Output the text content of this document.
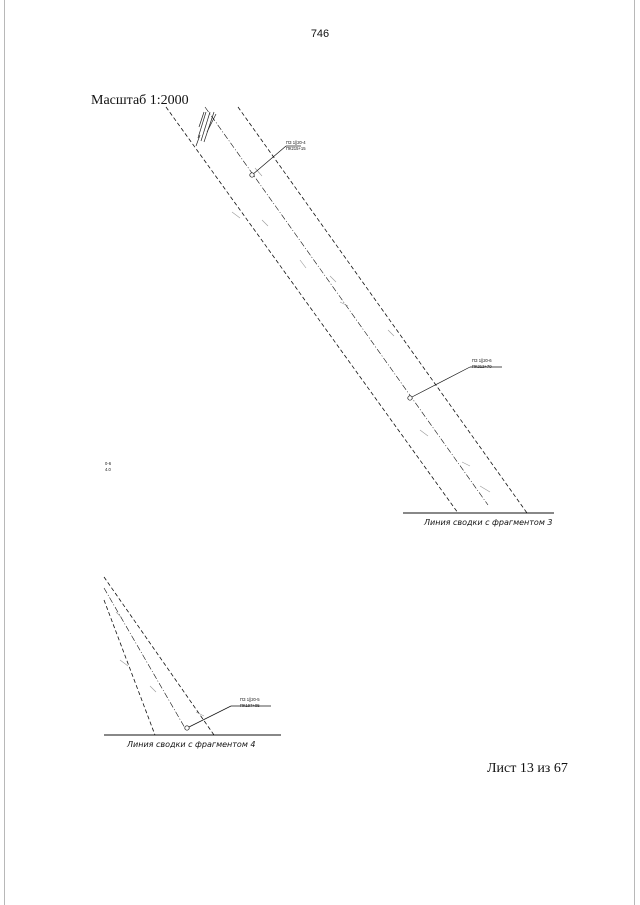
746
Масштаб 1:2000
Лист 13 из 67
ПЗ 1||20-4
ПК215+15
ПЗ 1||20-6
ПК212+70
Линия сводки с фрагментом 3
0-6
4.0
ПЗ 1||20-5
ПК197+05
Линия сводки с фрагментом 4
